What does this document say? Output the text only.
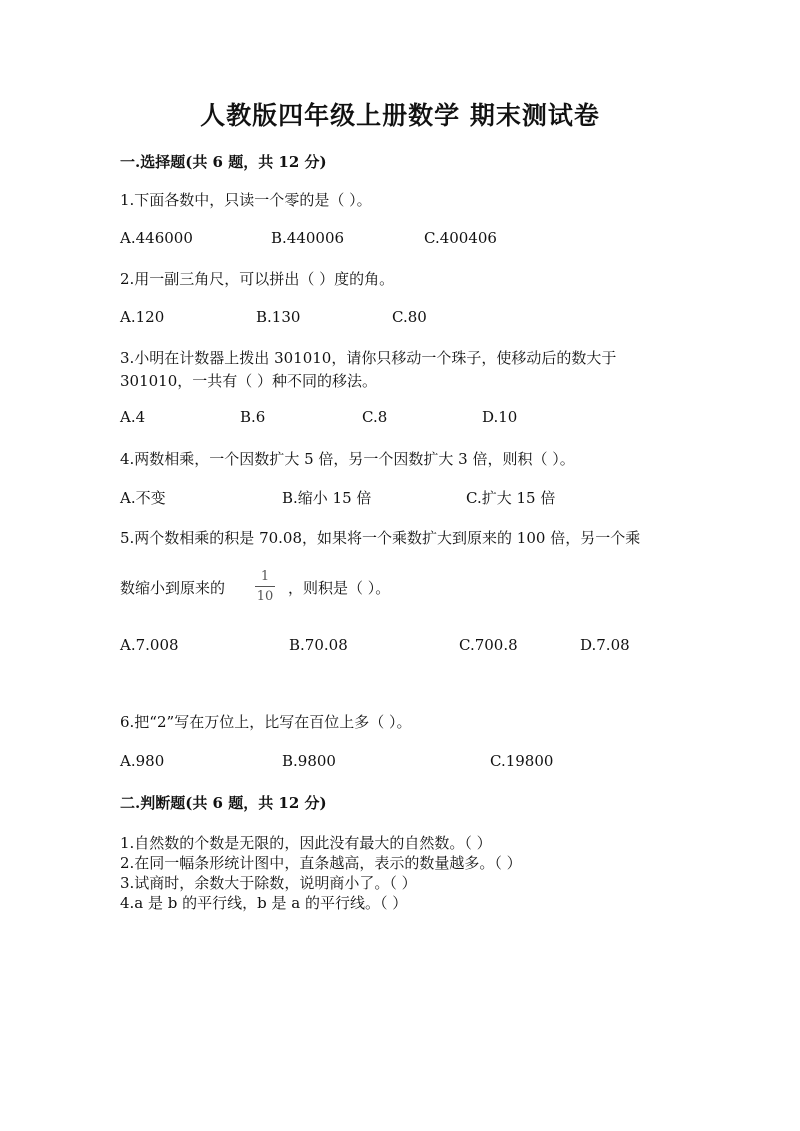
人教版四年级上册数学 期末测试卷
一.选择题(共 6 题，共 12 分)
1.下面各数中，只读一个零的是（ ）。
A.446000	B.440006	C.400406
2.用一副三角尺，可以拼出（ ）度的角。
A.120	B.130	C.80
3.小明在计数器上拨出 301010，请你只移动一个珠子，使移动后的数大于
301010，一共有（ ）种不同的移法。
A.4	B.6	C.8	D.10
4.两数相乘，一个因数扩大 5 倍，另一个因数扩大 3 倍，则积（ ）。
A.不变	B.缩小 15 倍	C.扩大 15 倍
5.两个数相乘的积是 70.08，如果将一个乘数扩大到原来的 100 倍，另一个乘
数缩小到原来的
1
10 ，则积是（ ）。
A.7.008	B.70.08	C.700.8	D.7.08
6.把“2”写在万位上，比写在百位上多（ ）。
A.980	B.9800	C.19800
二.判断题(共 6 题，共 12 分)
1.自然数的个数是无限的，因此没有最大的自然数。（ ）
2.在同一幅条形统计图中，直条越高，表示的数量越多。（ ）
3.试商时，余数大于除数，说明商小了。（ ）
4.a 是 b 的平行线，b 是 a 的平行线。（ ）
